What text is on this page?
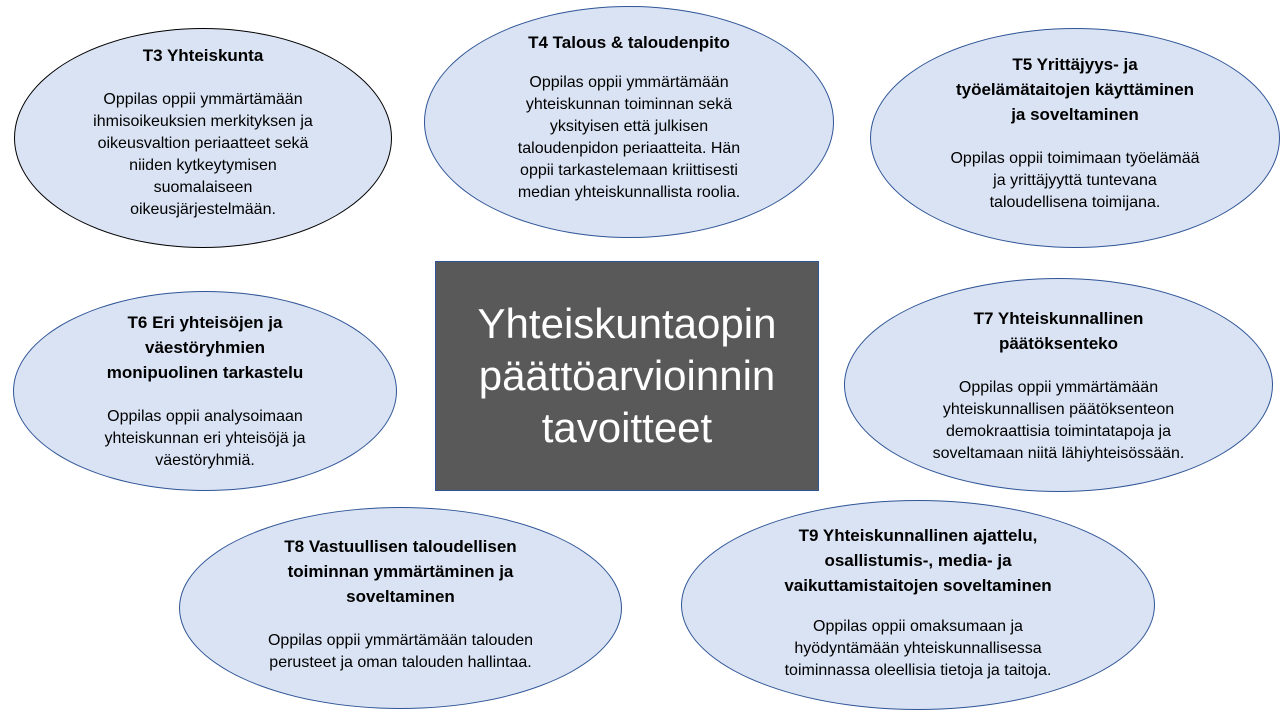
Yhteiskuntaopin
päättöarvioinnin
tavoitteet
T3 Yhteiskunta
Oppilas oppii ymmärtämään
ihmisoikeuksien merkityksen ja
oikeusvaltion periaatteet sekä
niiden kytkeytymisen
suomalaiseen
oikeusjärjestelmään.
T4 Talous & taloudenpito
Oppilas oppii ymmärtämään
yhteiskunnan toiminnan sekä
yksityisen että julkisen
taloudenpidon periaatteita. Hän
oppii tarkastelemaan kriittisesti
median yhteiskunnallista roolia.
T5 Yrittäjyys- ja
työelämätaitojen käyttäminen
ja soveltaminen
Oppilas oppii toimimaan työelämää
ja yrittäjyyttä tuntevana
taloudellisena toimijana.
T6 Eri yhteisöjen ja
väestöryhmien
monipuolinen tarkastelu
Oppilas oppii analysoimaan
yhteiskunnan eri yhteisöjä ja
väestöryhmiä.
T7 Yhteiskunnallinen
päätöksenteko
Oppilas oppii ymmärtämään
yhteiskunnallisen päätöksenteon
demokraattisia toimintatapoja ja
soveltamaan niitä lähiyhteisössään.
T8 Vastuullisen taloudellisen
toiminnan ymmärtäminen ja
soveltaminen
Oppilas oppii ymmärtämään talouden
perusteet ja oman talouden hallintaa.
T9 Yhteiskunnallinen ajattelu,
osallistumis-, media- ja
vaikuttamistaitojen soveltaminen
Oppilas oppii omaksumaan ja
hyödyntämään yhteiskunnallisessa
toiminnassa oleellisia tietoja ja taitoja.
